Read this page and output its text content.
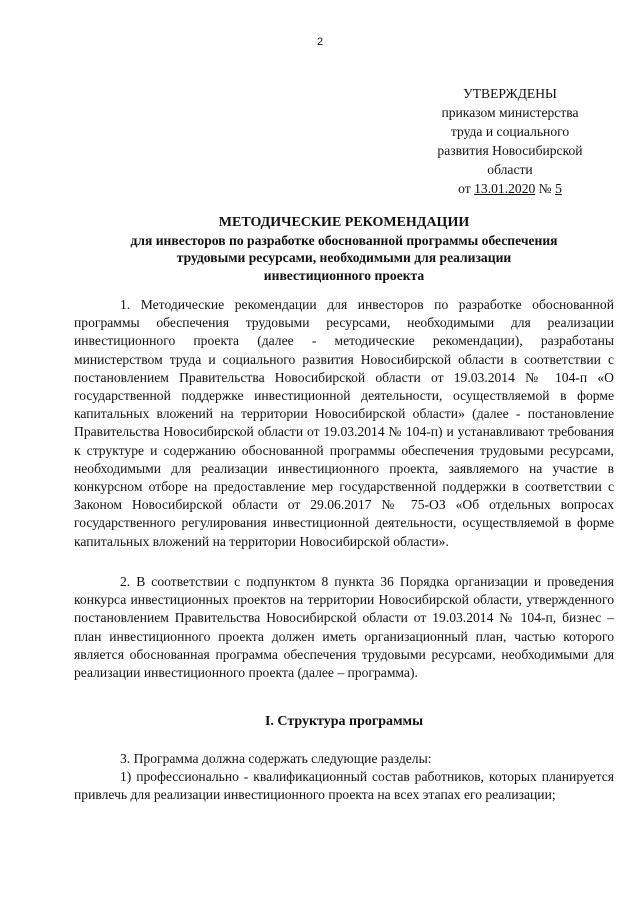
2
УТВЕРЖДЕНЫ
приказом министерства
труда и социального
развития Новосибирской
области
от 13.01.2020 № 5
МЕТОДИЧЕСКИЕ РЕКОМЕНДАЦИИ
для инвесторов по разработке обоснованной программы обеспечения
трудовыми ресурсами, необходимыми для реализации
инвестиционного проекта

1. Методические рекомендации для инвесторов по разработке обоснованной программы обеспечения трудовыми ресурсами, необходимыми для реализации инвестиционного проекта (далее - методические рекомендации), разработаны министерством труда и социального развития Новосибирской области в соответствии с постановлением Правительства Новосибирской области от 19.03.2014 № 104-п «О государственной поддержке инвестиционной деятельности, осуществляемой в форме капитальных вложений на территории Новосибирской области» (далее - постановление Правительства Новосибирской области от 19.03.2014 № 104-п) и устанавливают требования к структуре и содержанию обоснованной программы обеспечения трудовыми ресурсами, необходимыми для реализации инвестиционного проекта, заявляемого на участие в конкурсном отборе на предоставление мер государственной поддержки в соответствии с Законом Новосибирской области от 29.06.2017 № 75-ОЗ «Об отдельных вопросах государственного регулирования инвестиционной деятельности, осуществляемой в форме капитальных вложений на территории Новосибирской области».

2. В соответствии с подпунктом 8 пункта 36 Порядка организации и проведения конкурса инвестиционных проектов на территории Новосибирской области, утвержденного постановлением Правительства Новосибирской области от 19.03.2014 № 104-п, бизнес – план инвестиционного проекта должен иметь организационный план, частью которого является обоснованная программа обеспечения трудовыми ресурсами, необходимыми для реализации инвестиционного проекта (далее – программа).

I. Структура программы

3. Программа должна содержать следующие разделы:

1) профессионально - квалификационный состав работников, которых планируется привлечь для реализации инвестиционного проекта на всех этапах его реализации;
